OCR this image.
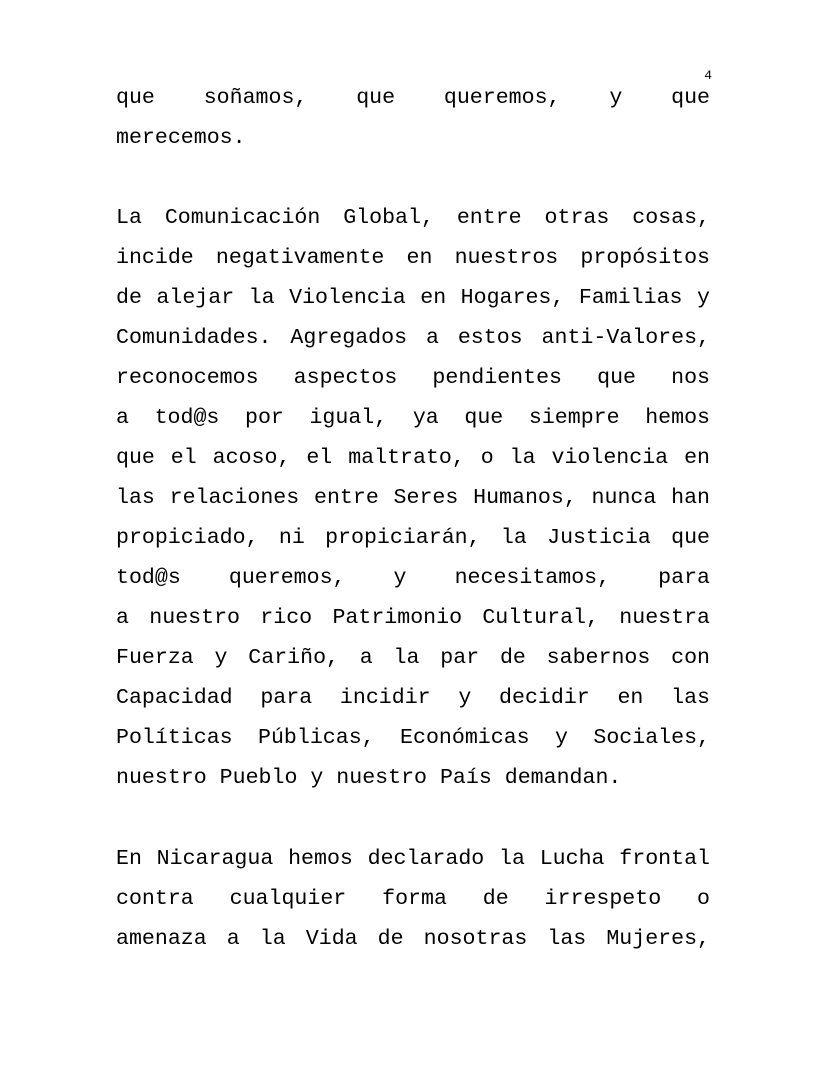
4
que soñamos, que queremos, y que
merecemos.
La Comunicación Global, entre otras cosas,
incide negativamente en nuestros propósitos
de alejar la Violencia en Hogares, Familias y
Comunidades. Agregados a estos anti-Valores,
reconocemos aspectos pendientes que nos
a tod@s por igual, ya que siempre hemos
que el acoso, el maltrato, o la violencia en
las relaciones entre Seres Humanos, nunca han
propiciado, ni propiciarán, la Justicia que
tod@s queremos, y necesitamos, para
a nuestro rico Patrimonio Cultural, nuestra
Fuerza y Cariño, a la par de sabernos con
Capacidad para incidir y decidir en las
Políticas Públicas, Económicas y Sociales,
nuestro Pueblo y nuestro País demandan.
En Nicaragua hemos declarado la Lucha frontal
contra cualquier forma de irrespeto o
amenaza a la Vida de nosotras las Mujeres,
